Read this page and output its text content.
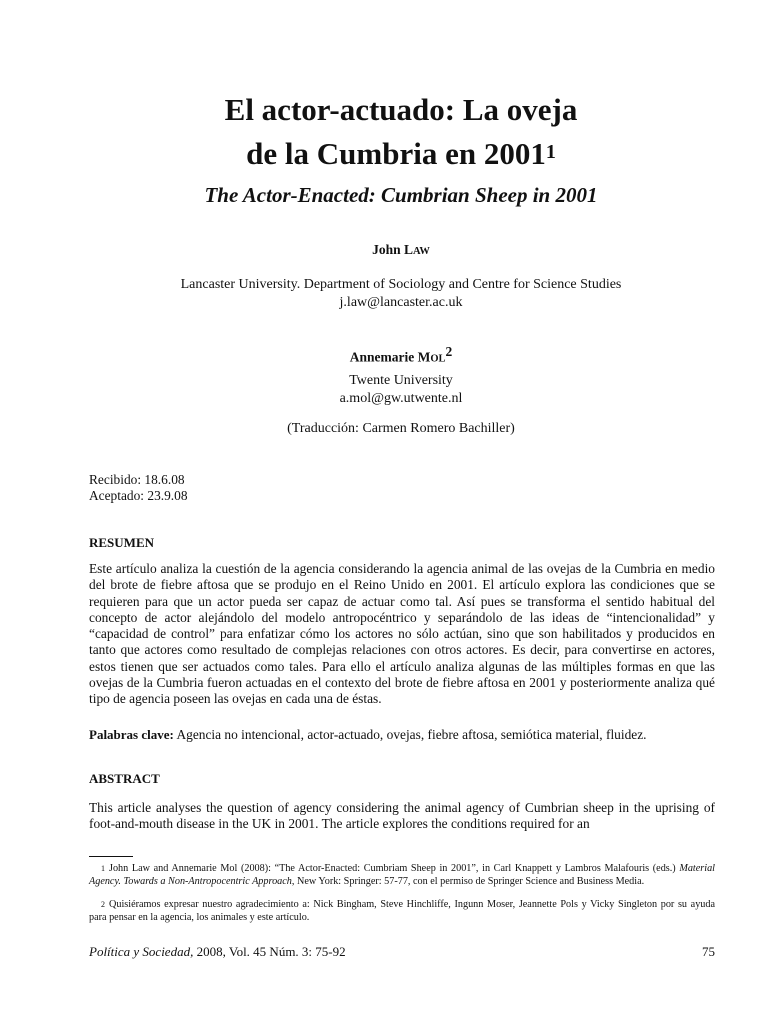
El actor-actuado: La oveja
de la Cumbria en 2001$^1$
The Actor-Enacted: Cumbrian Sheep in 2001
John LAW
Lancaster University. Department of Sociology and Centre for Science Studies
j.law@lancaster.ac.uk
Annemarie MOL$^2$
Twente University
a.mol@gw.utwente.nl
(Traducción: Carmen Romero Bachiller)
Recibido: 18.6.08
Aceptado: 23.9.08
RESUMEN
Este artículo analiza la cuestión de la agencia considerando la agencia animal de las ovejas de la Cumbria en medio del brote de fiebre aftosa que se produjo en el Reino Unido en 2001. El artículo explora las condiciones que se requieren para que un actor pueda ser capaz de actuar como tal. Así pues se transforma el sentido habitual del concepto de actor alejándolo del modelo antropocéntrico y separándolo de las ideas de “intencionalidad” y “capacidad de control” para enfatizar cómo los actores no sólo actúan, sino que son habilitados y producidos en tanto que actores como resultado de complejas relaciones con otros actores. Es decir, para convertirse en actores, estos tienen que ser actuados como tales. Para ello el artículo analiza algunas de las múltiples formas en que las ovejas de la Cumbria fueron actuadas en el contexto del brote de fiebre aftosa en 2001 y posteriormente analiza qué tipo de agencia poseen las ovejas en cada una de éstas.
Palabras clave: Agencia no intencional, actor-actuado, ovejas, fiebre aftosa, semiótica material, fluidez.
ABSTRACT
This article analyses the question of agency considering the animal agency of Cumbrian sheep in the uprising of foot-and-mouth disease in the UK in 2001. The article explores the conditions required for an
1 John Law and Annemarie Mol (2008): “The Actor-Enacted: Cumbriam Sheep in 2001”, in Carl Knappett y Lambros Malafouris (eds.) Material Agency. Towards a Non-Antropocentric Approach, New York: Springer: 57-77, con el permiso de Springer Science and Business Media.
2 Quisiéramos expresar nuestro agradecimiento a: Nick Bingham, Steve Hinchliffe, Ingunn Moser, Jeannette Pols y Vicky Singleton por su ayuda para pensar en la agencia, los animales y este artículo.
Política y Sociedad, 2008, Vol. 45 Núm. 3: 75-92	75
